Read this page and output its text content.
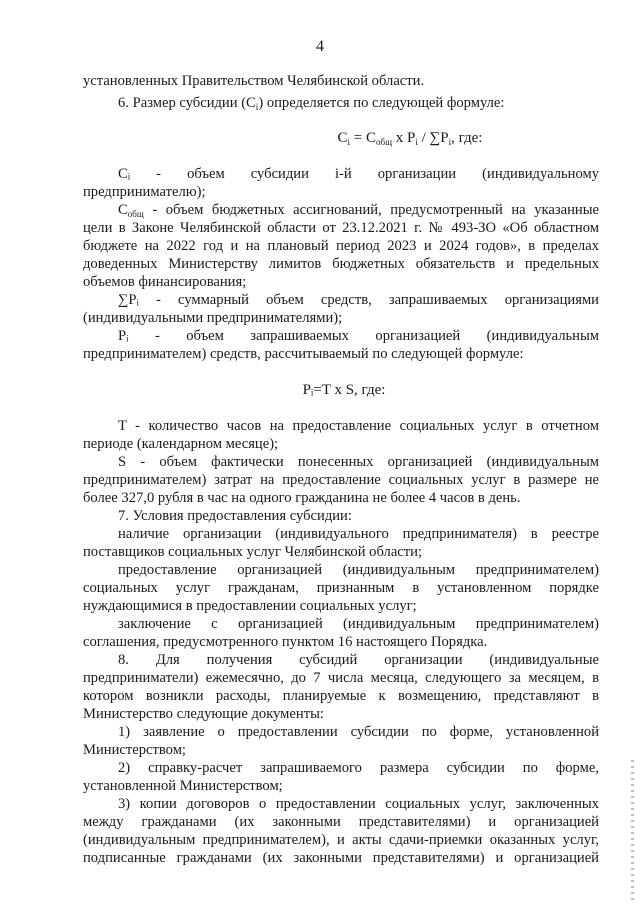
4
установленных Правительством Челябинской области.
6. Размер субсидии $(C_i)$ определяется по следующей формуле:
$C_i = C_{общ}$ x $P_i / \sum P_i$, где:
Cᵢ - объем субсидии i-й организации (индивидуальному
предпринимателю);
$C_{общ}$ - объем бюджетных ассигнований, предусмотренный на указанные
цели в Законе Челябинской области от 23.12.2021 г. № 493-ЗО «Об областном
бюджете на 2022 год и на плановый период 2023 и 2024 годов», в пределах
доведенных Министерству лимитов бюджетных обязательств и предельных
объемов финансирования;
∑Pᵢ - суммарный объем средств, запрашиваемых организациями
(индивидуальными предпринимателями);
Pᵢ - объем запрашиваемых организацией (индивидуальным
предпринимателем) средств, рассчитываемый по следующей формуле:
Pᵢ=T x S, где:
T - количество часов на предоставление социальных услуг в отчетном
периоде (календарном месяце);
S - объем фактически понесенных организацией (индивидуальным
предпринимателем) затрат на предоставление социальных услуг в размере не
более 327,0 рубля в час на одного гражданина не более 4 часов в день.
7. Условия предоставления субсидии:
наличие организации (индивидуального предпринимателя) в реестре
поставщиков социальных услуг Челябинской области;
предоставление организацией (индивидуальным предпринимателем)
социальных услуг гражданам, признанным в установленном порядке
нуждающимися в предоставлении социальных услуг;
заключение с организацией (индивидуальным предпринимателем)
соглашения, предусмотренного пунктом 16 настоящего Порядка.
8. Для получения субсидий организации (индивидуальные
предприниматели) ежемесячно, до 7 числа месяца, следующего за месяцем, в
котором возникли расходы, планируемые к возмещению, представляют в
Министерство следующие документы:
1) заявление о предоставлении субсидии по форме, установленной
Министерством;
2) справку-расчет запрашиваемого размера субсидии по форме,
установленной Министерством;
3) копии договоров о предоставлении социальных услуг, заключенных
между гражданами (их законными представителями) и организацией
(индивидуальным предпринимателем), и акты сдачи-приемки оказанных услуг,
подписанные гражданами (их законными представителями) и организацией
